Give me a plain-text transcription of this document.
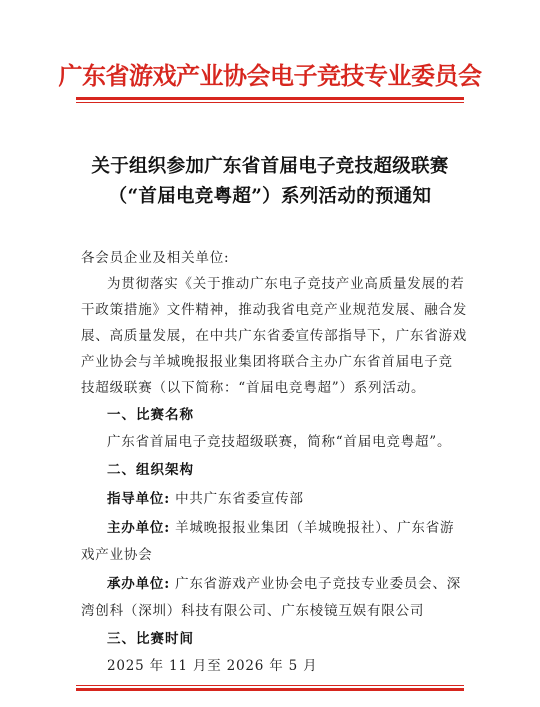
广东省游戏产业协会电子竞技专业委员会
关于组织参加广东省首届电子竞技超级联赛
（“首届电竞粤超”）系列活动的预通知
各会员企业及相关单位:
为贯彻落实《关于推动广东电子竞技产业高质量发展的若
干政策措施》文件精神，推动我省电竞产业规范发展、融合发
展、高质量发展，在中共广东省委宣传部指导下，广东省游戏
产业协会与羊城晚报报业集团将联合主办广东省首届电子竞
技超级联赛（以下简称：“首届电竞粤超”）系列活动。
一、比赛名称
广东省首届电子竞技超级联赛，简称“首届电竞粤超”。
二、组织架构
指导单位: 中共广东省委宣传部
主办单位: 羊城晚报报业集团（羊城晚报社）、广东省游
戏产业协会
承办单位: 广东省游戏产业协会电子竞技专业委员会、深
湾创科（深圳）科技有限公司、广东棱镜互娱有限公司
三、比赛时间
2025 年 11 月至 2026 年 5 月
